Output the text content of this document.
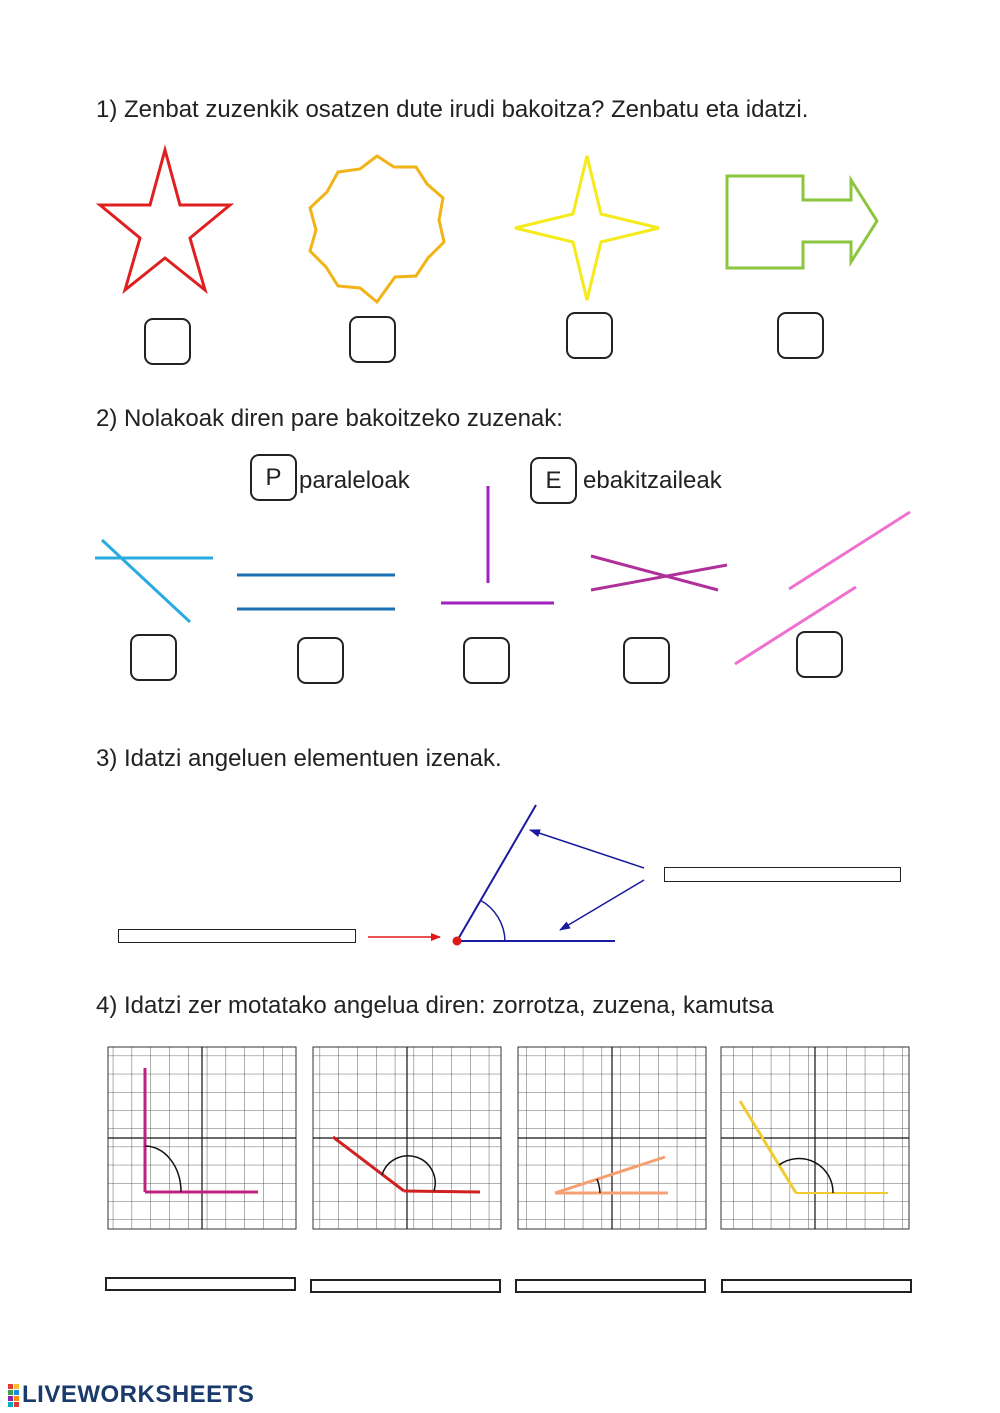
1) Zenbat zuzenkik osatzen dute irudi bakoitza? Zenbatu eta idatzi.
2) Nolakoak diren pare bakoitzeko zuzenak:
3) Idatzi angeluen elementuen izenak.
4) Idatzi zer motatako angelua diren: zorrotza, zuzena, kamutsa
P paraleloak	E ebakitzaileak
LIVEWORKSHEETS
